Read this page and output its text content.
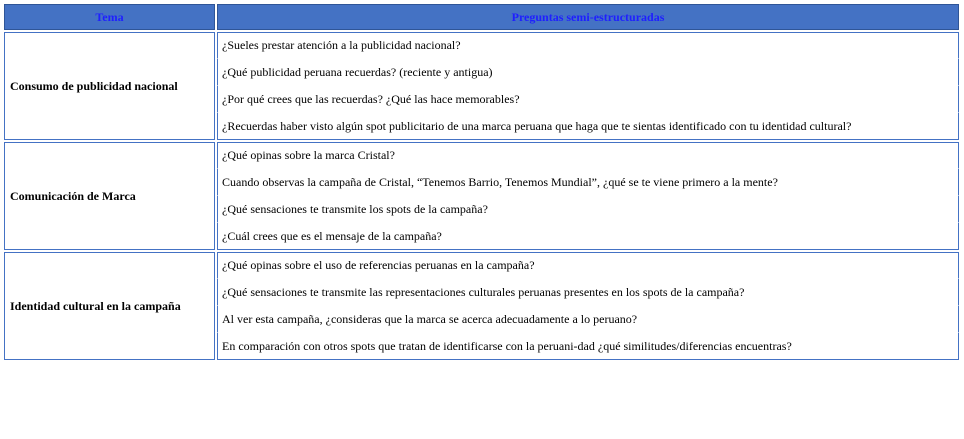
Tema	Preguntas semi-estructuradas
Consumo de publicidad nacional
¿Sueles prestar atención a la publicidad nacional?
¿Qué publicidad peruana recuerdas? (reciente y antigua)
¿Por qué crees que las recuerdas? ¿Qué las hace memorables?
¿Recuerdas haber visto algún spot publicitario de una marca peruana que haga que te sientas identificado con tu identidad cultural?
Comunicación de Marca
¿Qué opinas sobre la marca Cristal?
Cuando observas la campaña de Cristal, “Tenemos Barrio, Tenemos Mundial”, ¿qué se te viene primero a la mente?
¿Qué sensaciones te transmite los spots de la campaña?
¿Cuál crees que es el mensaje de la campaña?
Identidad cultural en la campaña
¿Qué opinas sobre el uso de referencias peruanas en la campaña?
¿Qué sensaciones te transmite las representaciones culturales peruanas presentes en los spots de la campaña?
Al ver esta campaña, ¿consideras que la marca se acerca adecuadamente a lo peruano?
En comparación con otros spots que tratan de identificarse con la peruani-dad ¿qué similitudes/diferencias encuentras?
